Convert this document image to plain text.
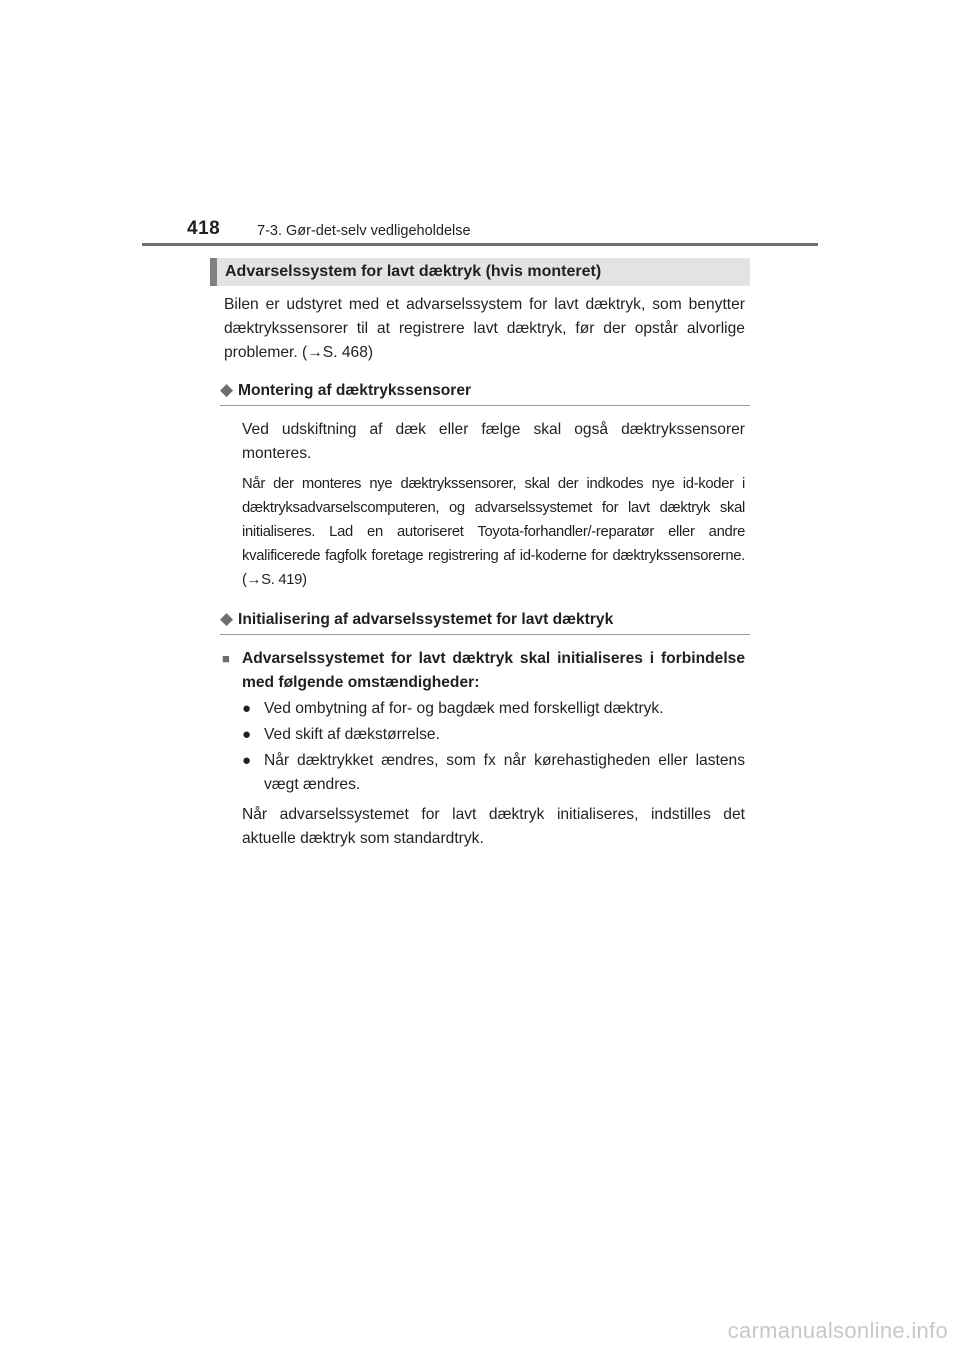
418	7-3. Gør-det-selv vedligeholdelse
Advarselssystem for lavt dæktryk (hvis monteret)
Bilen er udstyret med et advarselssystem for lavt dæktryk, som benytter dæktrykssensorer til at registrere lavt dæktryk, før der opstår alvorlige problemer. (→S. 468)
◆ Montering af dæktrykssensorer
Ved udskiftning af dæk eller fælge skal også dæktrykssensorer monteres.
Når der monteres nye dæktrykssensorer, skal der indkodes nye id-koder i dæktryksadvarselscomputeren, og advarselssystemet for lavt dæktryk skal initialiseres. Lad en autoriseret Toyota-forhandler/-reparatør eller andre kvalificerede fagfolk foretage registrering af id-koderne for dæktrykssensorerne. (→S. 419)
◆ Initialisering af advarselssystemet for lavt dæktryk
■ Advarselssystemet for lavt dæktryk skal initialiseres i forbindelse med følgende omstændigheder:
● Ved ombytning af for- og bagdæk med forskelligt dæktryk.
● Ved skift af dækstørrelse.
● Når dæktrykket ændres, som fx når kørehastigheden eller lastens vægt ændres.
Når advarselssystemet for lavt dæktryk initialiseres, indstilles det aktuelle dæktryk som standardtryk.
carmanualsonline.info
